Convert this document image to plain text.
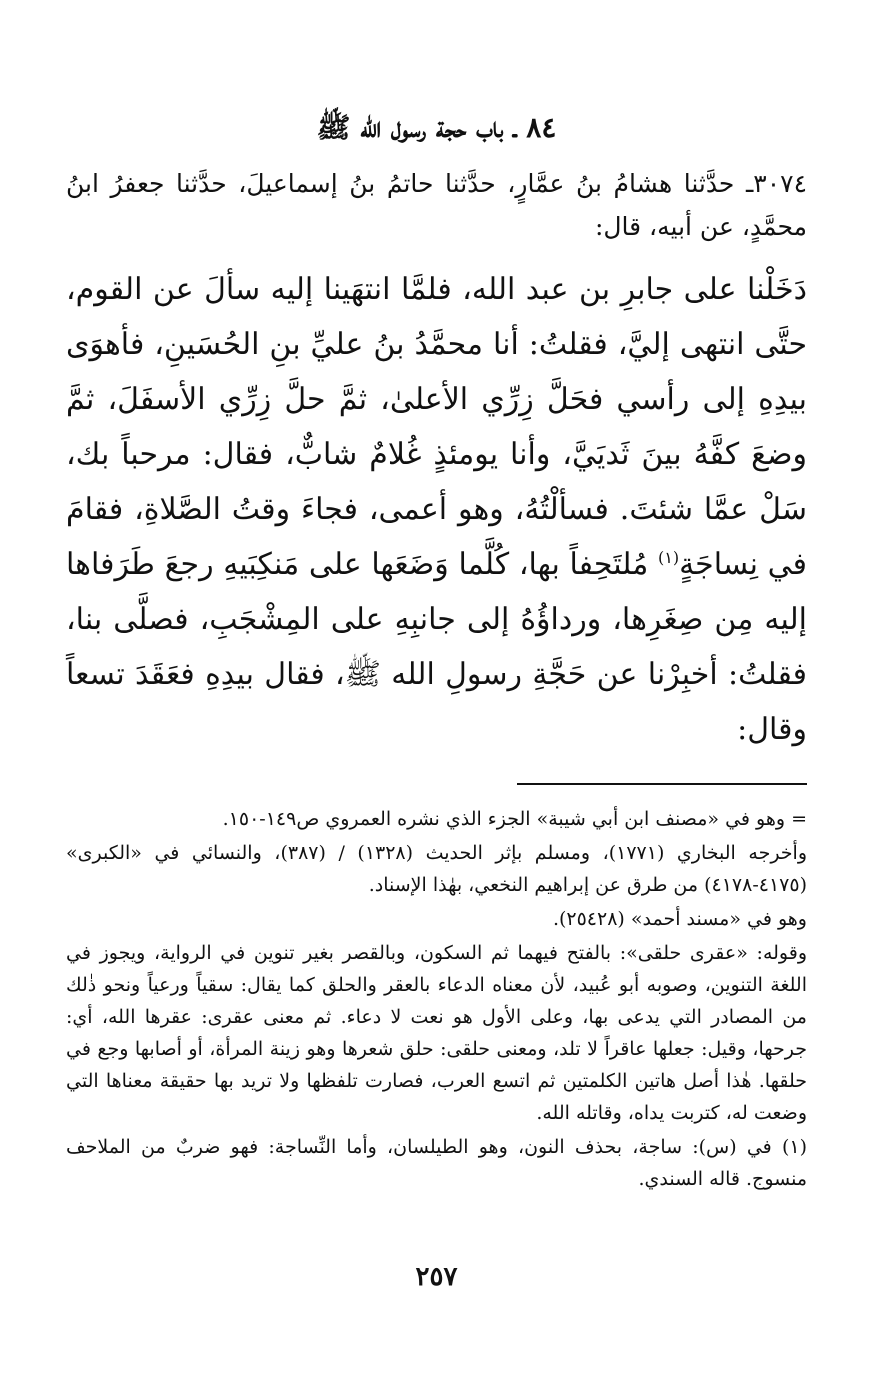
٨٤ ـ باب حجة رسول الله ﷺ

٣٠٧٤ـ حدَّثنا هشامُ بنُ عمَّارٍ، حدَّثنا حاتمُ بنُ إسماعيلَ، حدَّثنا جعفرُ ابنُ محمَّدٍ، عن أبيه، قال:

دَخَلْنا على جابرِ بن عبد الله، فلمَّا انتهَينا إليه سألَ عن القوم، حتَّى انتهى إليَّ، فقلتُ: أنا محمَّدُ بنُ عليِّ بنِ الحُسَينِ، فأهوَى بيدِهِ إلى رأسي فحَلَّ زِرِّي الأعلىٰ، ثمَّ حلَّ زِرِّي الأسفَلَ، ثمَّ وضعَ كفَّهُ بينَ ثَديَيَّ، وأنا يومئذٍ غُلامٌ شابٌّ، فقال: مرحباً بك، سَلْ عمَّا شئتَ. فسألْتُهُ، وهو أعمى، فجاءَ وقتُ الصَّلاةِ، فقامَ في نِساجَةٍ$^{(١)}$ مُلتَحِفاً بها، كُلَّما وَضَعَها على مَنكِبَيهِ رجعَ طَرَفاها إليه مِن صِغَرِها، ورداؤُهُ إلى جانبِهِ على المِشْجَبِ، فصلَّى بنا، فقلتُ: أخبِرْنا عن حَجَّةِ رسولِ الله ﷺ، فقال بيدِهِ فعَقَدَ تسعاً وقال:

= وهو في «مصنف ابن أبي شيبة» الجزء الذي نشره العمروي ص١٤٩-١٥٠.

وأخرجه البخاري (١٧٧١)، ومسلم بإثر الحديث (١٣٢٨) / (٣٨٧)، والنسائي في «الكبرى» (٤١٧٥-٤١٧٨) من طرق عن إبراهيم النخعي، بهٰذا الإسناد.

وهو في «مسند أحمد» (٢٥٤٢٨).

وقوله: «عقرى حلقى»: بالفتح فيهما ثم السكون، وبالقصر بغير تنوين في الرواية، ويجوز في اللغة التنوين، وصوبه أبو عُبيد، لأن معناه الدعاء بالعقر والحلق كما يقال: سقياً ورعياً ونحو ذٰلك من المصادر التي يدعى بها، وعلى الأول هو نعت لا دعاء. ثم معنى عقرى: عقرها الله، أي: جرحها، وقيل: جعلها عاقراً لا تلد، ومعنى حلقى: حلق شعرها وهو زينة المرأة، أو أصابها وجع في حلقها. هٰذا أصل هاتين الكلمتين ثم اتسع العرب، فصارت تلفظها ولا تريد بها حقيقة معناها التي وضعت له، كتربت يداه، وقاتله الله.

(١) في (س): ساجة، بحذف النون، وهو الطيلسان، وأما النِّساجة: فهو ضربٌ من الملاحف منسوج. قاله السندي.

٢٥٧
